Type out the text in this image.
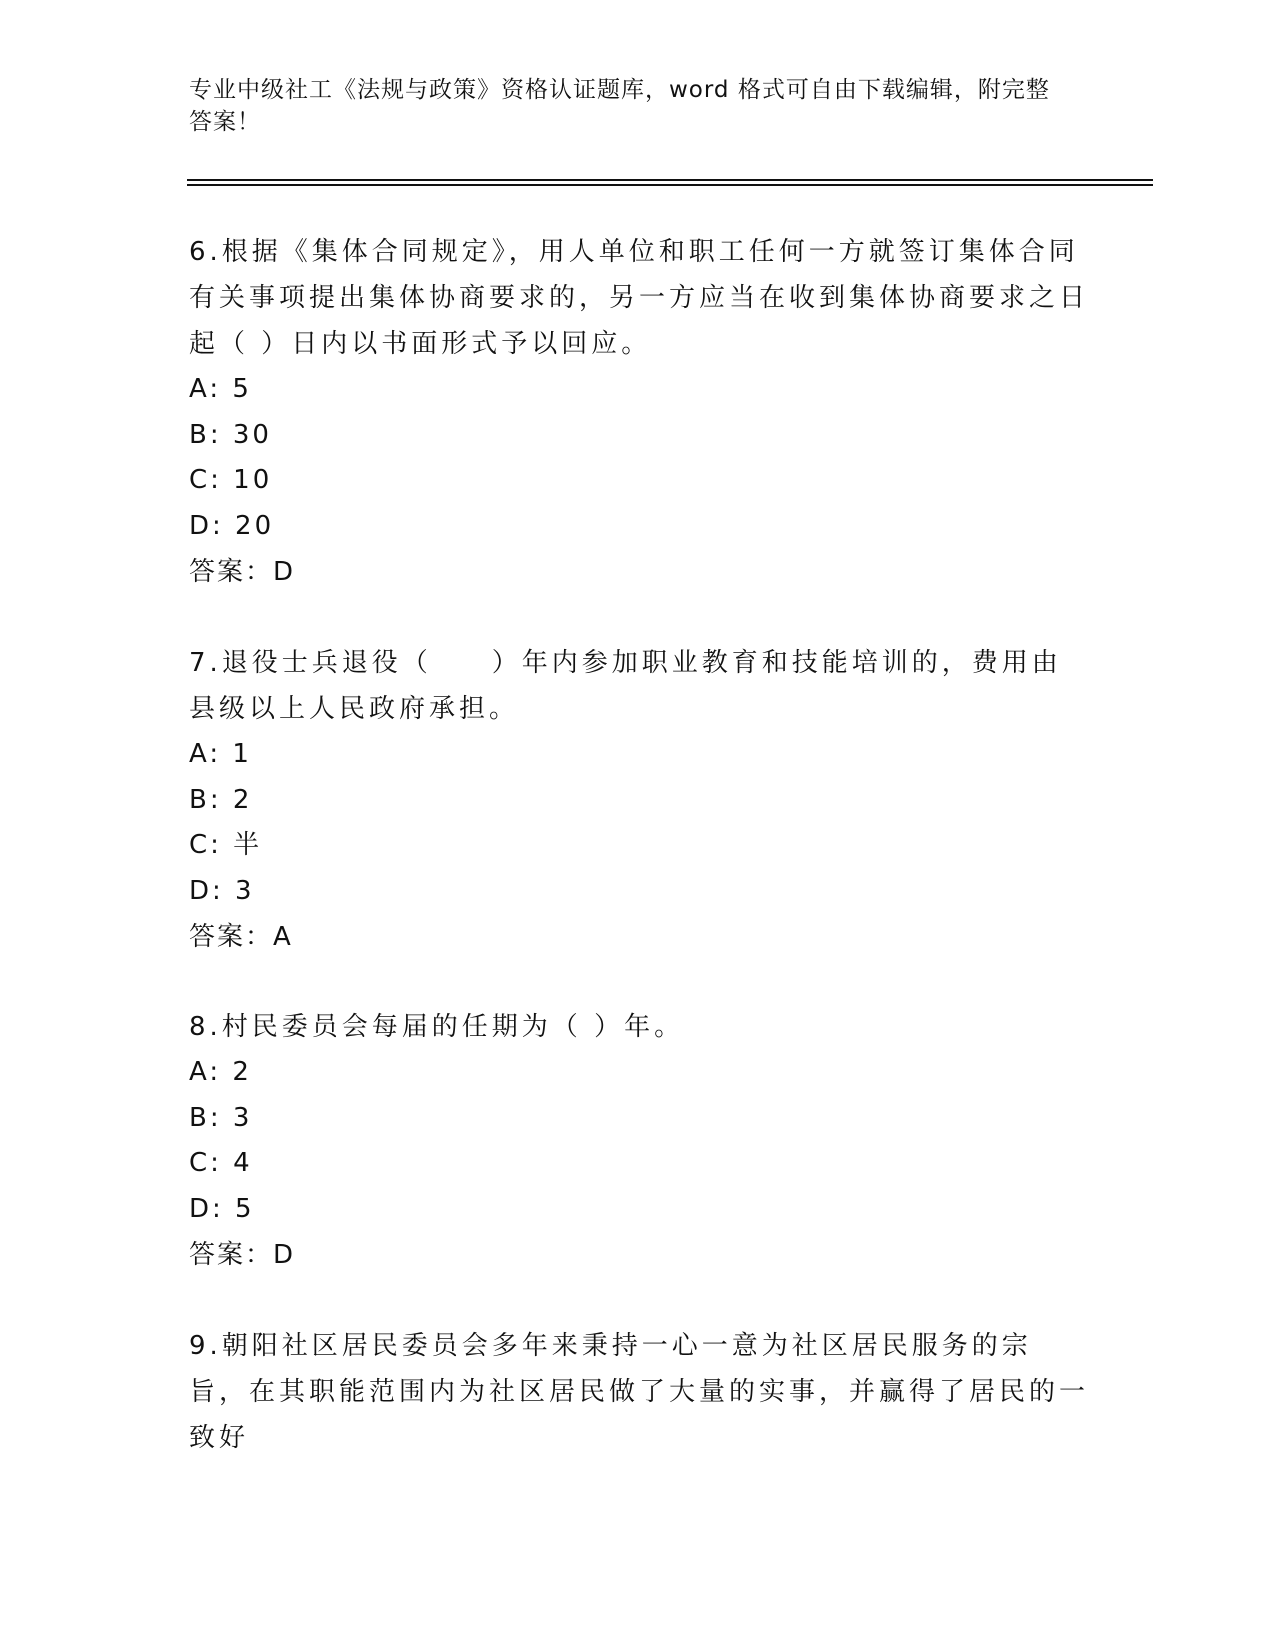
专业中级社工《法规与政策》资格认证题库，word 格式可自由下载编辑，附完整答案！

6.根据《集体合同规定》，用人单位和职工任何一方就签订集体合同有关事项提出集体协商要求的，另一方应当在收到集体协商要求之日起（ ）日内以书面形式予以回应。

A: 5

B: 30

C: 10

D: 20

答案：D

7.退役士兵退役（　　）年内参加职业教育和技能培训的，费用由县级以上人民政府承担。

A: 1

B: 2

C: 半

D: 3

答案：A

8.村民委员会每届的任期为（ ）年。

A: 2

B: 3

C: 4

D: 5

答案：D

9.朝阳社区居民委员会多年来秉持一心一意为社区居民服务的宗旨，在其职能范围内为社区居民做了大量的实事，并赢得了居民的一致好
